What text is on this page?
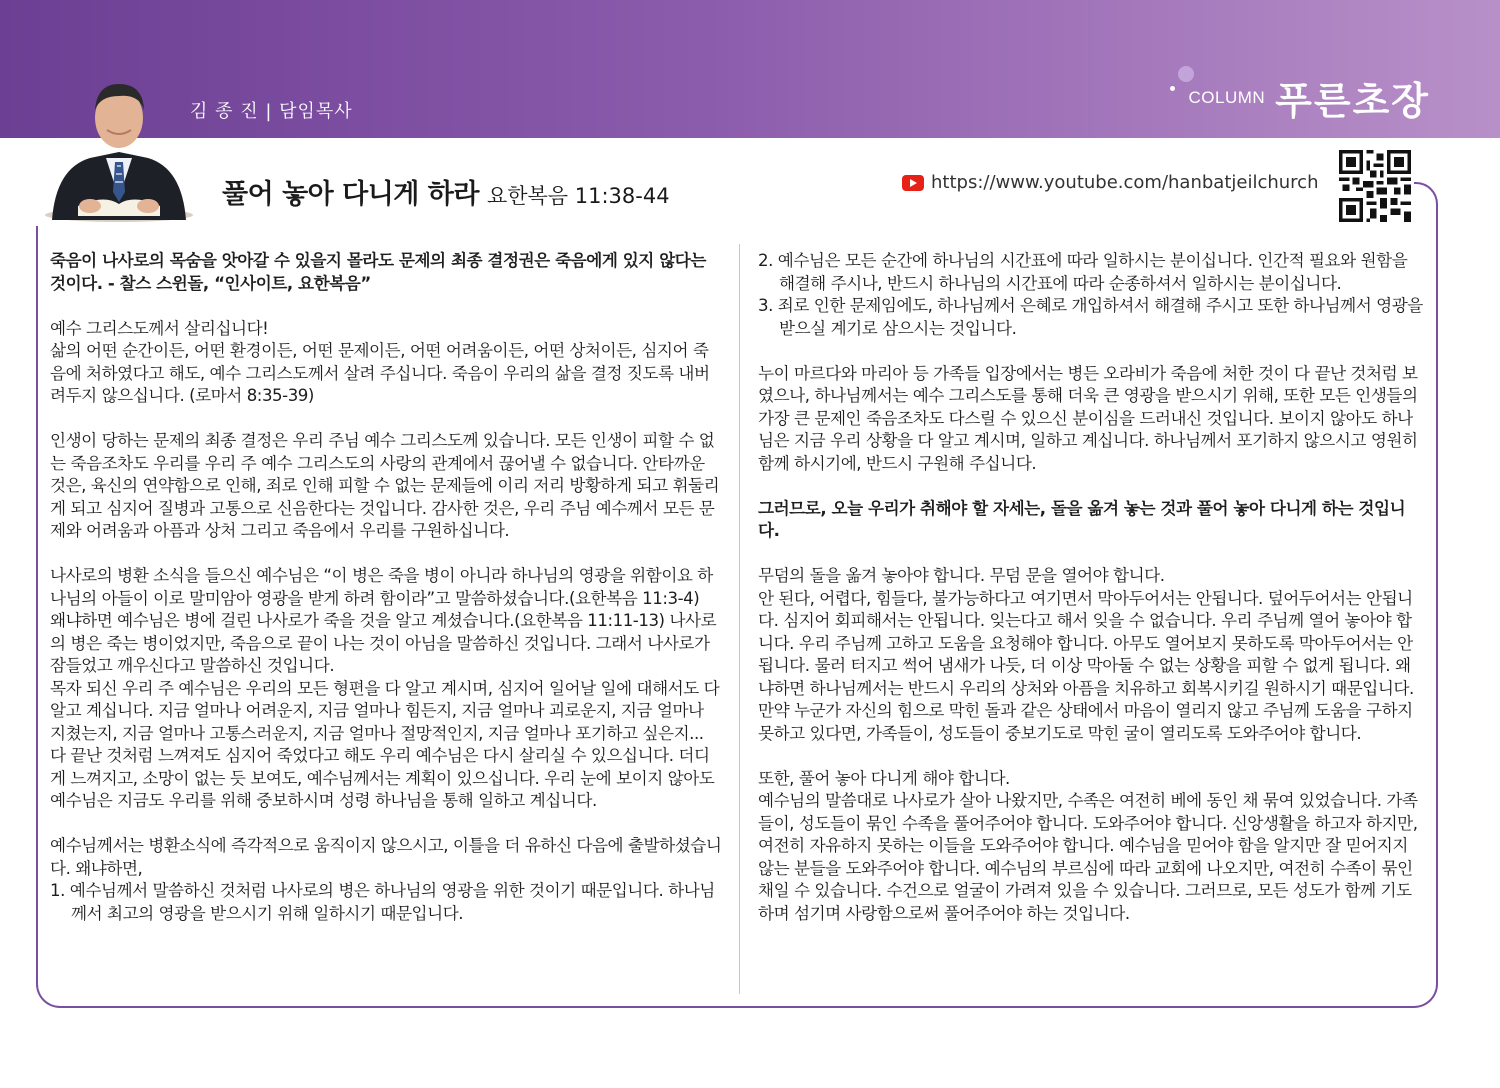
김 종 진 | 담임목사
COLUMN 푸른초장
풀어 놓아 다니게 하라 요한복음 11:38-44
https://www.youtube.com/hanbatjeilchurch

죽음이 나사로의 목숨을 앗아갈 수 있을지 몰라도 문제의 최종 결정권은 죽음에게 있지 않다는 것이다. - 찰스 스윈돌, “인사이트, 요한복음”

예수 그리스도께서 살리십니다!

삶의 어떤 순간이든, 어떤 환경이든, 어떤 문제이든, 어떤 어려움이든, 어떤 상처이든, 심지어 죽음에 처하였다고 해도, 예수 그리스도께서 살려 주십니다. 죽음이 우리의 삶을 결정 짓도록 내버려두지 않으십니다. (로마서 8:35-39)

인생이 당하는 문제의 최종 결정은 우리 주님 예수 그리스도께 있습니다. 모든 인생이 피할 수 없는 죽음조차도 우리를 우리 주 예수 그리스도의 사랑의 관계에서 끊어낼 수 없습니다. 안타까운 것은, 육신의 연약함으로 인해, 죄로 인해 피할 수 없는 문제들에 이리 저리 방황하게 되고 휘둘리게 되고 심지어 질병과 고통으로 신음한다는 것입니다. 감사한 것은, 우리 주님 예수께서 모든 문제와 어려움과 아픔과 상처 그리고 죽음에서 우리를 구원하십니다.

나사로의 병환 소식을 들으신 예수님은 “이 병은 죽을 병이 아니라 하나님의 영광을 위함이요 하나님의 아들이 이로 말미암아 영광을 받게 하려 함이라”고 말씀하셨습니다.(요한복음 11:3-4)

왜냐하면 예수님은 병에 걸린 나사로가 죽을 것을 알고 계셨습니다.(요한복음 11:11-13) 나사로의 병은 죽는 병이었지만, 죽음으로 끝이 나는 것이 아님을 말씀하신 것입니다. 그래서 나사로가 잠들었고 깨우신다고 말씀하신 것입니다.

목자 되신 우리 주 예수님은 우리의 모든 형편을 다 알고 계시며, 심지어 일어날 일에 대해서도 다 알고 계십니다. 지금 얼마나 어려운지, 지금 얼마나 힘든지, 지금 얼마나 괴로운지, 지금 얼마나 지쳤는지, 지금 얼마나 고통스러운지, 지금 얼마나 절망적인지, 지금 얼마나 포기하고 싶은지...

다 끝난 것처럼 느껴져도 심지어 죽었다고 해도 우리 예수님은 다시 살리실 수 있으십니다. 더디게 느껴지고, 소망이 없는 듯 보여도, 예수님께서는 계획이 있으십니다. 우리 눈에 보이지 않아도 예수님은 지금도 우리를 위해 중보하시며 성령 하나님을 통해 일하고 계십니다.

예수님께서는 병환소식에 즉각적으로 움직이지 않으시고, 이틀을 더 유하신 다음에 출발하셨습니다. 왜냐하면,

1. 예수님께서 말씀하신 것처럼 나사로의 병은 하나님의 영광을 위한 것이기 때문입니다. 하나님께서 최고의 영광을 받으시기 위해 일하시기 때문입니다.

2. 예수님은 모든 순간에 하나님의 시간표에 따라 일하시는 분이십니다. 인간적 필요와 원함을 해결해 주시나, 반드시 하나님의 시간표에 따라 순종하셔서 일하시는 분이십니다.

3. 죄로 인한 문제임에도, 하나님께서 은혜로 개입하셔서 해결해 주시고 또한 하나님께서 영광을 받으실 계기로 삼으시는 것입니다.

누이 마르다와 마리아 등 가족들 입장에서는 병든 오라비가 죽음에 처한 것이 다 끝난 것처럼 보였으나, 하나님께서는 예수 그리스도를 통해 더욱 큰 영광을 받으시기 위해, 또한 모든 인생들의 가장 큰 문제인 죽음조차도 다스릴 수 있으신 분이심을 드러내신 것입니다. 보이지 않아도 하나님은 지금 우리 상황을 다 알고 계시며, 일하고 계십니다. 하나님께서 포기하지 않으시고 영원히 함께 하시기에, 반드시 구원해 주십니다.

그러므로, 오늘 우리가 취해야 할 자세는, 돌을 옮겨 놓는 것과 풀어 놓아 다니게 하는 것입니다.

무덤의 돌을 옮겨 놓아야 합니다. 무덤 문을 열어야 합니다.

안 된다, 어렵다, 힘들다, 불가능하다고 여기면서 막아두어서는 안됩니다. 덮어두어서는 안됩니다. 심지어 회피해서는 안됩니다. 잊는다고 해서 잊을 수 없습니다. 우리 주님께 열어 놓아야 합니다. 우리 주님께 고하고 도움을 요청해야 합니다. 아무도 열어보지 못하도록 막아두어서는 안됩니다. 물러 터지고 썩어 냄새가 나듯, 더 이상 막아둘 수 없는 상황을 피할 수 없게 됩니다. 왜냐하면 하나님께서는 반드시 우리의 상처와 아픔을 치유하고 회복시키길 원하시기 때문입니다. 만약 누군가 자신의 힘으로 막힌 돌과 같은 상태에서 마음이 열리지 않고 주님께 도움을 구하지 못하고 있다면, 가족들이, 성도들이 중보기도로 막힌 굴이 열리도록 도와주어야 합니다.

또한, 풀어 놓아 다니게 해야 합니다.

예수님의 말씀대로 나사로가 살아 나왔지만, 수족은 여전히 베에 동인 채 묶여 있었습니다. 가족들이, 성도들이 묶인 수족을 풀어주어야 합니다. 도와주어야 합니다. 신앙생활을 하고자 하지만, 여전히 자유하지 못하는 이들을 도와주어야 합니다. 예수님을 믿어야 함을 알지만 잘 믿어지지 않는 분들을 도와주어야 합니다. 예수님의 부르심에 따라 교회에 나오지만, 여전히 수족이 묶인 채일 수 있습니다. 수건으로 얼굴이 가려져 있을 수 있습니다. 그러므로, 모든 성도가 함께 기도하며 섬기며 사랑함으로써 풀어주어야 하는 것입니다.
